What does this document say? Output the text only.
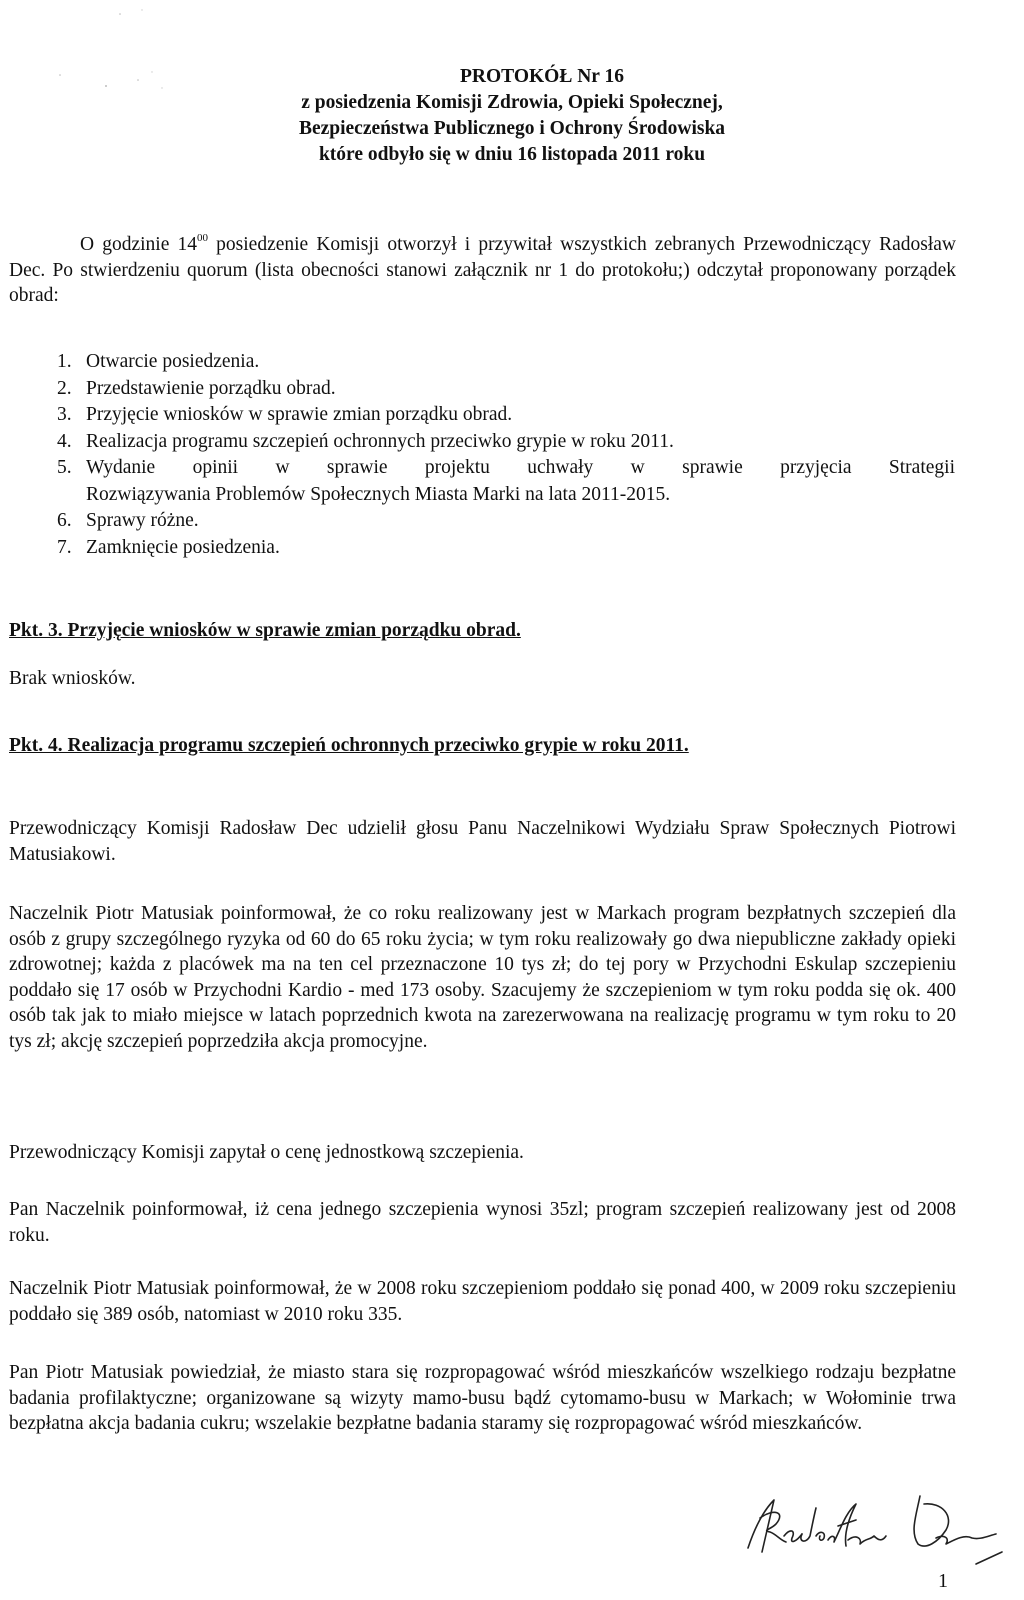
PROTOKÓŁ Nr 16
z posiedzenia Komisji Zdrowia, Opieki Społecznej,
Bezpieczeństwa Publicznego i Ochrony Środowiska
które odbyło się w dniu 16 listopada 2011 roku
O godzinie $14^{00}$ posiedzenie Komisji otworzył i przywitał wszystkich zebranych Przewodniczący Radosław Dec. Po stwierdzeniu quorum (lista obecności stanowi załącznik nr 1 do protokołu;) odczytał proponowany porządek obrad:
1. Otwarcie posiedzenia.
2. Przedstawienie porządku obrad.
3. Przyjęcie wniosków w sprawie zmian porządku obrad.
4. Realizacja programu szczepień ochronnych przeciwko grypie w roku 2011.
5. Wydanie opinii w sprawie projektu uchwały w sprawie przyjęcia Strategii
Rozwiązywania Problemów Społecznych Miasta Marki na lata 2011-2015.
6. Sprawy różne.
7. Zamknięcie posiedzenia.
Pkt. 3. Przyjęcie wniosków w sprawie zmian porządku obrad.
Brak wniosków.
Pkt. 4. Realizacja programu szczepień ochronnych przeciwko grypie w roku 2011.
Przewodniczący Komisji Radosław Dec udzielił głosu Panu Naczelnikowi Wydziału Spraw Społecznych Piotrowi Matusiakowi.
Naczelnik Piotr Matusiak poinformował, że co roku realizowany jest w Markach program bezpłatnych szczepień dla osób z grupy szczególnego ryzyka od 60 do 65 roku życia; w tym roku realizowały go dwa niepubliczne zakłady opieki zdrowotnej; każda z placówek ma na ten cel przeznaczone 10 tys zł; do tej pory w Przychodni Eskulap szczepieniu poddało się 17 osób w Przychodni Kardio - med 173 osoby. Szacujemy że szczepieniom w tym roku podda się ok. 400 osób tak jak to miało miejsce w latach poprzednich kwota na zarezerwowana na realizację programu w tym roku to 20 tys zł; akcję szczepień poprzedziła akcja promocyjne.
Przewodniczący Komisji zapytał o cenę jednostkową szczepienia.
Pan Naczelnik poinformował, iż cena jednego szczepienia wynosi 35zl; program szczepień realizowany jest od 2008 roku.
Naczelnik Piotr Matusiak poinformował, że w 2008 roku szczepieniom poddało się ponad 400, w 2009 roku szczepieniu poddało się 389 osób, natomiast w 2010 roku 335.
Pan Piotr Matusiak powiedział, że miasto stara się rozpropagować wśród mieszkańców wszelkiego rodzaju bezpłatne badania profilaktyczne; organizowane są wizyty mamo-busu bądź cytomamo-busu w Markach; w Wołominie trwa bezpłatna akcja badania cukru; wszelakie bezpłatne badania staramy się rozpropagować wśród mieszkańców.
1
